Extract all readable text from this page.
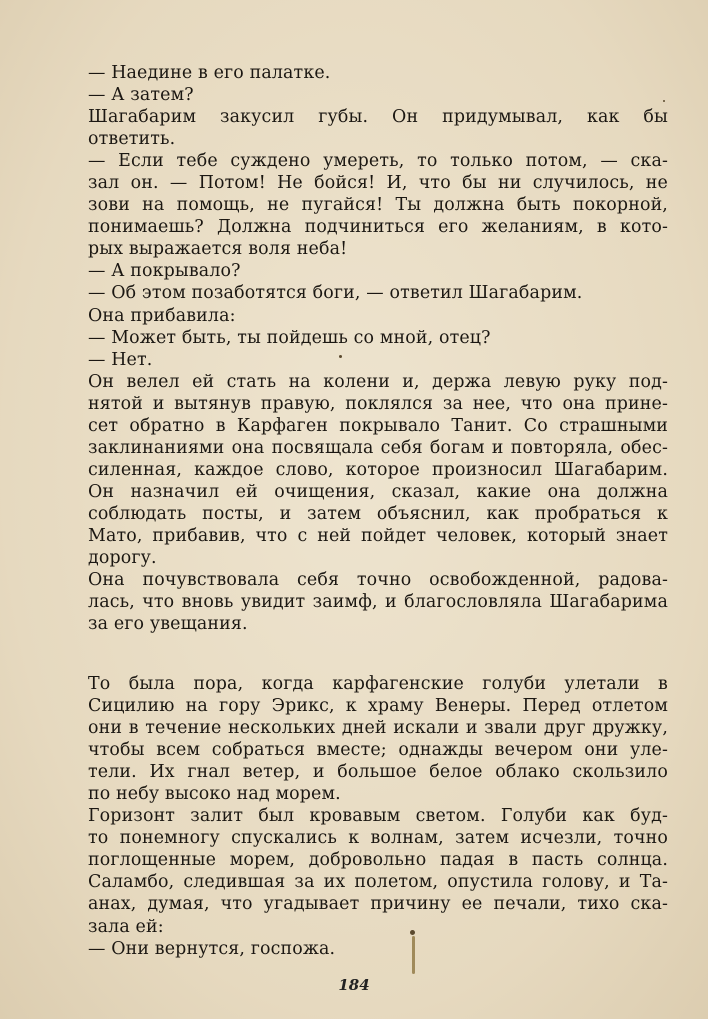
— Наедине в его палатке.
— А затем?
Шагабарим закусил губы. Он придумывал, как бы
ответить.
— Если тебе суждено умереть, то только потом, — ска-
зал он. — Потом! Не бойся! И, что бы ни случилось, не
зови на помощь, не пугайся! Ты должна быть покорной,
понимаешь? Должна подчиниться его желаниям, в кото-
рых выражается воля неба!
— А покрывало?
— Об этом позаботятся боги, — ответил Шагабарим.
Она прибавила:
— Может быть, ты пойдешь со мной, отец?
— Нет.
Он велел ей стать на колени и, держа левую руку под-
нятой и вытянув правую, поклялся за нее, что она принe-
сет обратно в Карфаген покрывало Танит. Со страшными
заклинаниями она посвящала себя богам и повторяла, обес-
силенная, каждое слово, которое произносил Шагабарим.
Он назначил ей очищения, сказал, какие она должна
соблюдать посты, и затем объяснил, как пробраться к
Мато, прибавив, что с ней пойдет человек, который знает
дорогу.
Она почувствовала себя точно освобожденной, радова-
лась, что вновь увидит заимф, и благословляла Шагабарима
за его увещания.
То была пора, когда карфагенские голуби улетали в
Сицилию на гору Эрикс, к храму Венеры. Перед отлетом
они в течение нескольких дней искали и звали друг дружку,
чтобы всем собраться вместе; однажды вечером они уле-
тели. Их гнал ветер, и большое белое облако скользило
по небу высоко над морем.
Горизонт залит был кровавым светом. Голуби как буд-
то понемногу спускались к волнам, затем исчезли, точно
поглощенные морем, добровольно падая в пасть солнца.
Саламбо, следившая за их полетом, опустила голову, и Та-
анах, думая, что угадывает причину ее печали, тихо ска-
зала ей:
— Они вернутся, госпожа.
184
